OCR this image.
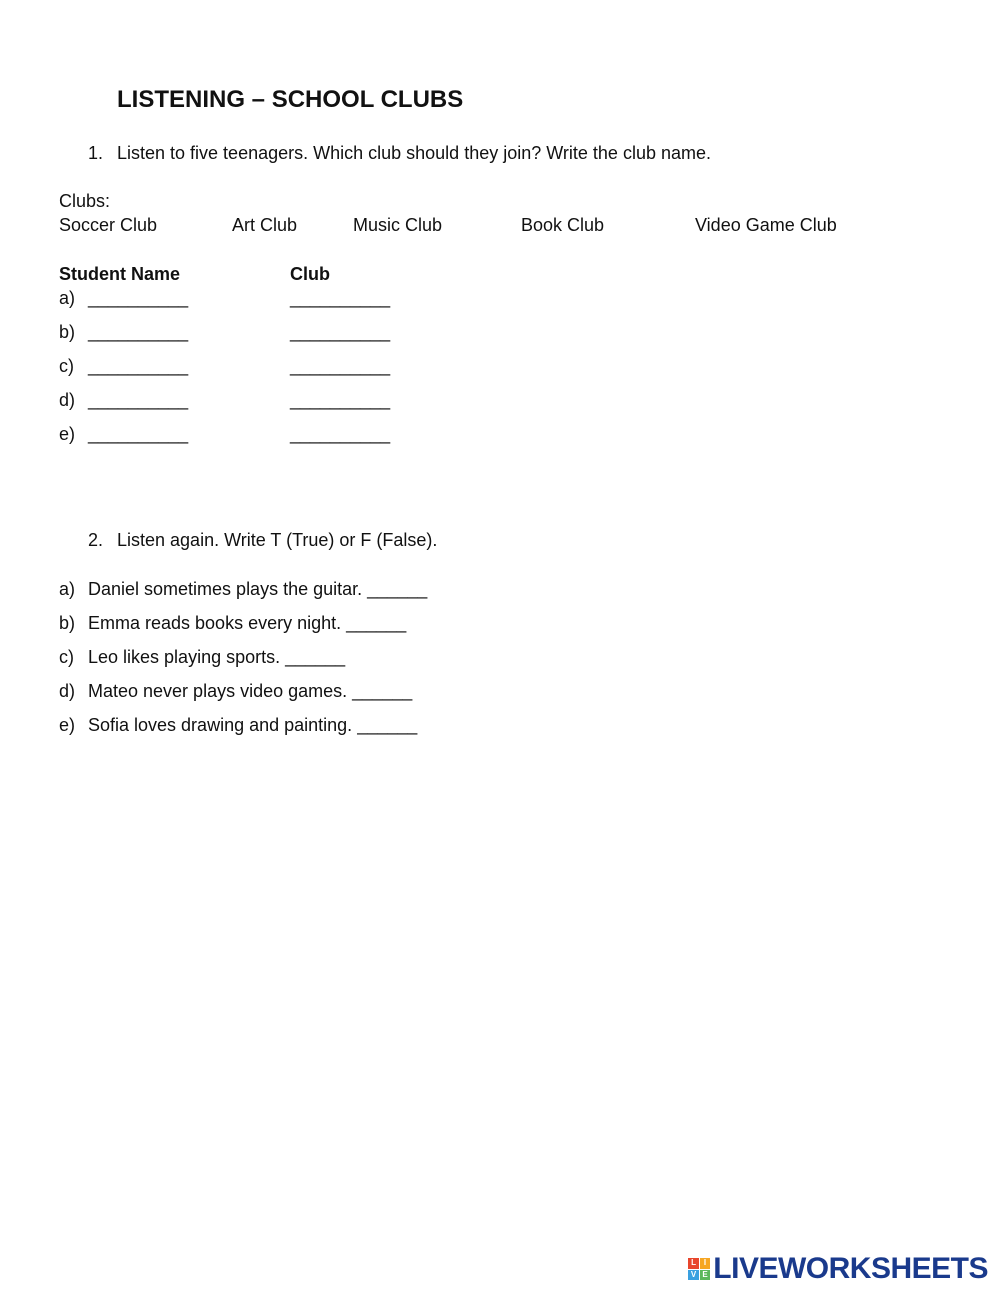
LISTENING – SCHOOL CLUBS
1. Listen to five teenagers. Which club should they join? Write the club name.
Clubs:
Soccer Club	Art Club	Music Club	Book Club	Video Game Club
Student Name	Club
a) __________	__________
b) __________	__________
c) __________	__________
d) __________	__________
e) __________	__________
2. Listen again. Write T (True) or F (False).
a) Daniel sometimes plays the guitar. ______
b) Emma reads books every night. ______
c) Leo likes playing sports. ______
d) Mateo never plays video games. ______
e) Sofia loves drawing and painting. ______
L I
V E LIVEWORKSHEETS
